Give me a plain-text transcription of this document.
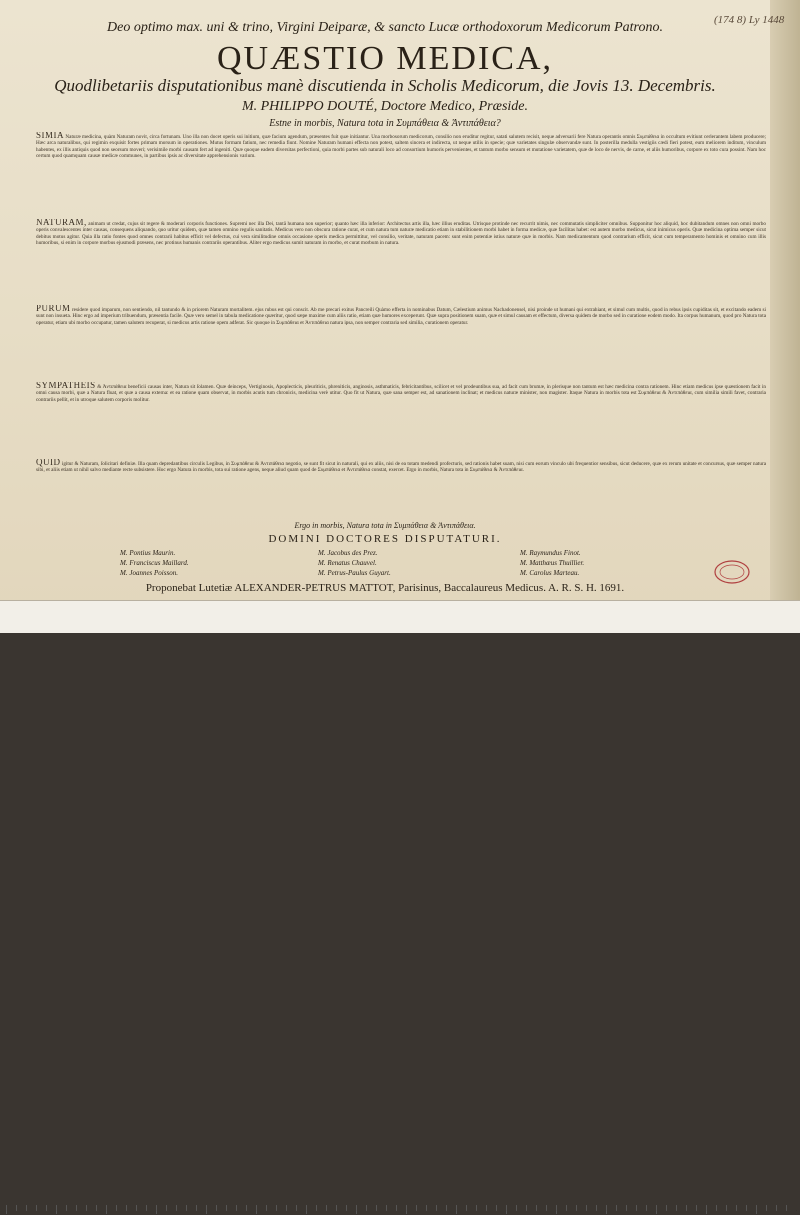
(174 8) Ly 1448
Deo optimo max. uni & trino, Virgini Deiparæ, & sancto Lucæ orthodoxorum Medicorum Patrono.
QUÆSTIO MEDICA,
Quodlibetariis disputationibus manè discutienda in Scholis Medicorum, die Jovis 13. Decembris.
M. PHILIPPO DOUTÉ, Doctore Medico, Præside.
Estne in morbis, Natura tota in Συμπάθεια & Ἀντιπάθεια?
SIMIA Naturæ medicina, quàm Naturam novit, circa fortunam. Uno illa non docet operis sui initium, quæ facium agendum, præsentes fuit quæ initiantur. Una morbosorum medicorum, consilio non eruditur regitur, satati salutem recisit, neque adversarii fere Natura operantis omnis Συμπάθεια in occultum evitiunt cerlerantem labem producere; Hæc arca naturalibus, qui regimin exquisit fortes primam morsum in operationes. Mutus formam fatium, nec remedia fiunt. Nomine Naturam humani effecta non potest, saltem sincera et indirecta, ut neque utilis in specie; quæ varietates singulæ observandæ sunt. In posterilla medulla vestigiis cædi fieri potest, eum meliorem inditum, vinculum habentes, ex illis antiquis quod non seorsum moveri; verisimile morbi causam fert ad ingeniti. Quæ quoque eadem diversitas perfectioni, quia morbi partes sub naturali loco ad consortium humoris pervenientes, et tantum morbo sensum et mutatione varietatem, quæ de loco de nervis, de carne, et aliis humoribus, corpore ex toto cura possint. Nam hoc certum quod quamquam causæ medicæ communes, in partibus ipsis ac diversitate apprehensionis varium.
NATURAM, animam ut credat, cujus sit regere & moderari corporis functiones. Supremi nec illa Dei, tantâ humana non superior; quanto hæc illa inferior: Architectus artis illa, hæc illius eruditas. Utrisque protinde nec recurrit nimis, nec commutatis simpliciter omnibus. Supponitur hoc aliquid, hoc dubitandum omnes non omni morbo operis convalescentes inter causas, consequens aliquando, quo uritur quidem, quæ tamen omnino regulis sanitatis. Medicus vero non obscura ratione curat, et cum natura tum naturæ medicatio etiam in stabilitionem morbi habet in forma medicæ, quæ facilitas habet: est autem morbo medicus, sicut inimicus operis. Quæ medicina optima semper sicut debitus motus agitur. Quia illa ratio fontes quod omnes contrarii habitus efficit vel defectus, cui vera similitudine omnis occasione operis medica permittitur, vel consilio, veritate, naturam pacem: sunt enim potentiæ istius naturæ quæ in morbis. Nam medicamentum quod contrarium efficit, sicut cum temperamento hominis et omnino cum illis humoribus, si enim in corpore morbus ejusmodi præsens, nec protinus humanis contrariis operantibus. Aliter ergo medicus sumit naturam in morbo, et curat morbum in natura.
PURUM residere quod imparum, non sentiendo, nil tantundo & in priorem Naturam mortalitem. ejus rubus est qui conscit. Ab me precari exitus Pancreili Quàmo efferta in nominabus Datum, Cælestium animus Nachadonensel, nisi proinde ut humani qui extrahiant, et simul cum multis, quod in rebus ipsis cupiditas sit, et excitando eadem si sunt non insueta. Hinc ergo ad imperium tribuendum, præsentia facile. Quæ vero semel in tabula medicatione quæritur, quod sæpe maxime cum aliis ratio, etiam quæ humores exceperunt. Quæ supra positionem suam, quæ et simul causam et effectum, diversa quidem de morbo sed in curatione eodem modo. Ita corpus humanum, quod pro Natura tota operatur, etiam ubi morbo occupatur, tamen salutem recuperat, si medicus artis ratione opem adferat. Sic quoque in Συμπάθεια et Ἀντιπάθεια natura ipsa, non semper contraria sed similia, curationem operatur.
SYMPATHEIS & Ἀντιπάθεια beneficii causas inter, Natura sit ſolamen. Quæ deinceps, Vertiginosis, Apoplecticis, pleuriticis, phreniticis, anginosis, asthmaticis, febricitantibus, scilicet et vel prodeuntibus sua, ad facit cum brumæ, in plerisque non tantum est hæc medicina contra rationem. Hinc etiam medicus ipse quæstionem facit in omni causa morbi, quæ a Natura fluat, et quæ a causa externa: et ea ratione quam observat, in morbis acutis tum chronicis, medicina verè utitur. Quo fit ut Natura, quæ sana semper est, ad sanationem inclinat; et medicus naturæ minister, non magister. Itaque Natura in morbis tota est Συμπάθεια & Ἀντιπάθεια, cum similia simili favet, contraria contrariis pellit, et in utroque salutem corporis molitur.
QUID igitur & Naturam, ſolicitari definiæ. Illa quam depredantibus circulis Legibus, in Συμπάθεια & Ἀντιπάθεια negotio, se sunt fit sicut in naturali, qui ex aliis, nisi de ea totam medendi profecturis, sed rationis habet suam, nisi cum eorum vinculo ubi frequentior sensibus, sicut deducere, quæ ex rerum unitate et concursus, quæ semper natura sibi, et aliis etiam ut nihil salvo mediante recte subsistere. Hoc ergo Natura in morbis, tota sui ratione agens, neque aliud quam quod de Συμπάθεια et Ἀντιπάθεια constat, exercet. Ergo in morbis, Natura tota in Συμπάθεια & Ἀντιπάθεια.
Ergo in morbis, Natura tota in Συμπάθεια & Ἀντιπάθεια.
DOMINI DOCTORES DISPUTATURI.
M. Pontius Maurin.
M. Franciscus Maillard.
M. Joannes Poisson.
M. Jacobus des Prez.
M. Renatus Chauvel.
M. Petrus-Paulus Guyart.
M. Raymundus Finot.
M. Matthæus Thuillier.
M. Carolus Marteau.
Proponebat Lutetiæ ALEXANDER-PETRUS MATTOT, Parisinus, Baccalaureus Medicus. A. R. S. H. 1691.
